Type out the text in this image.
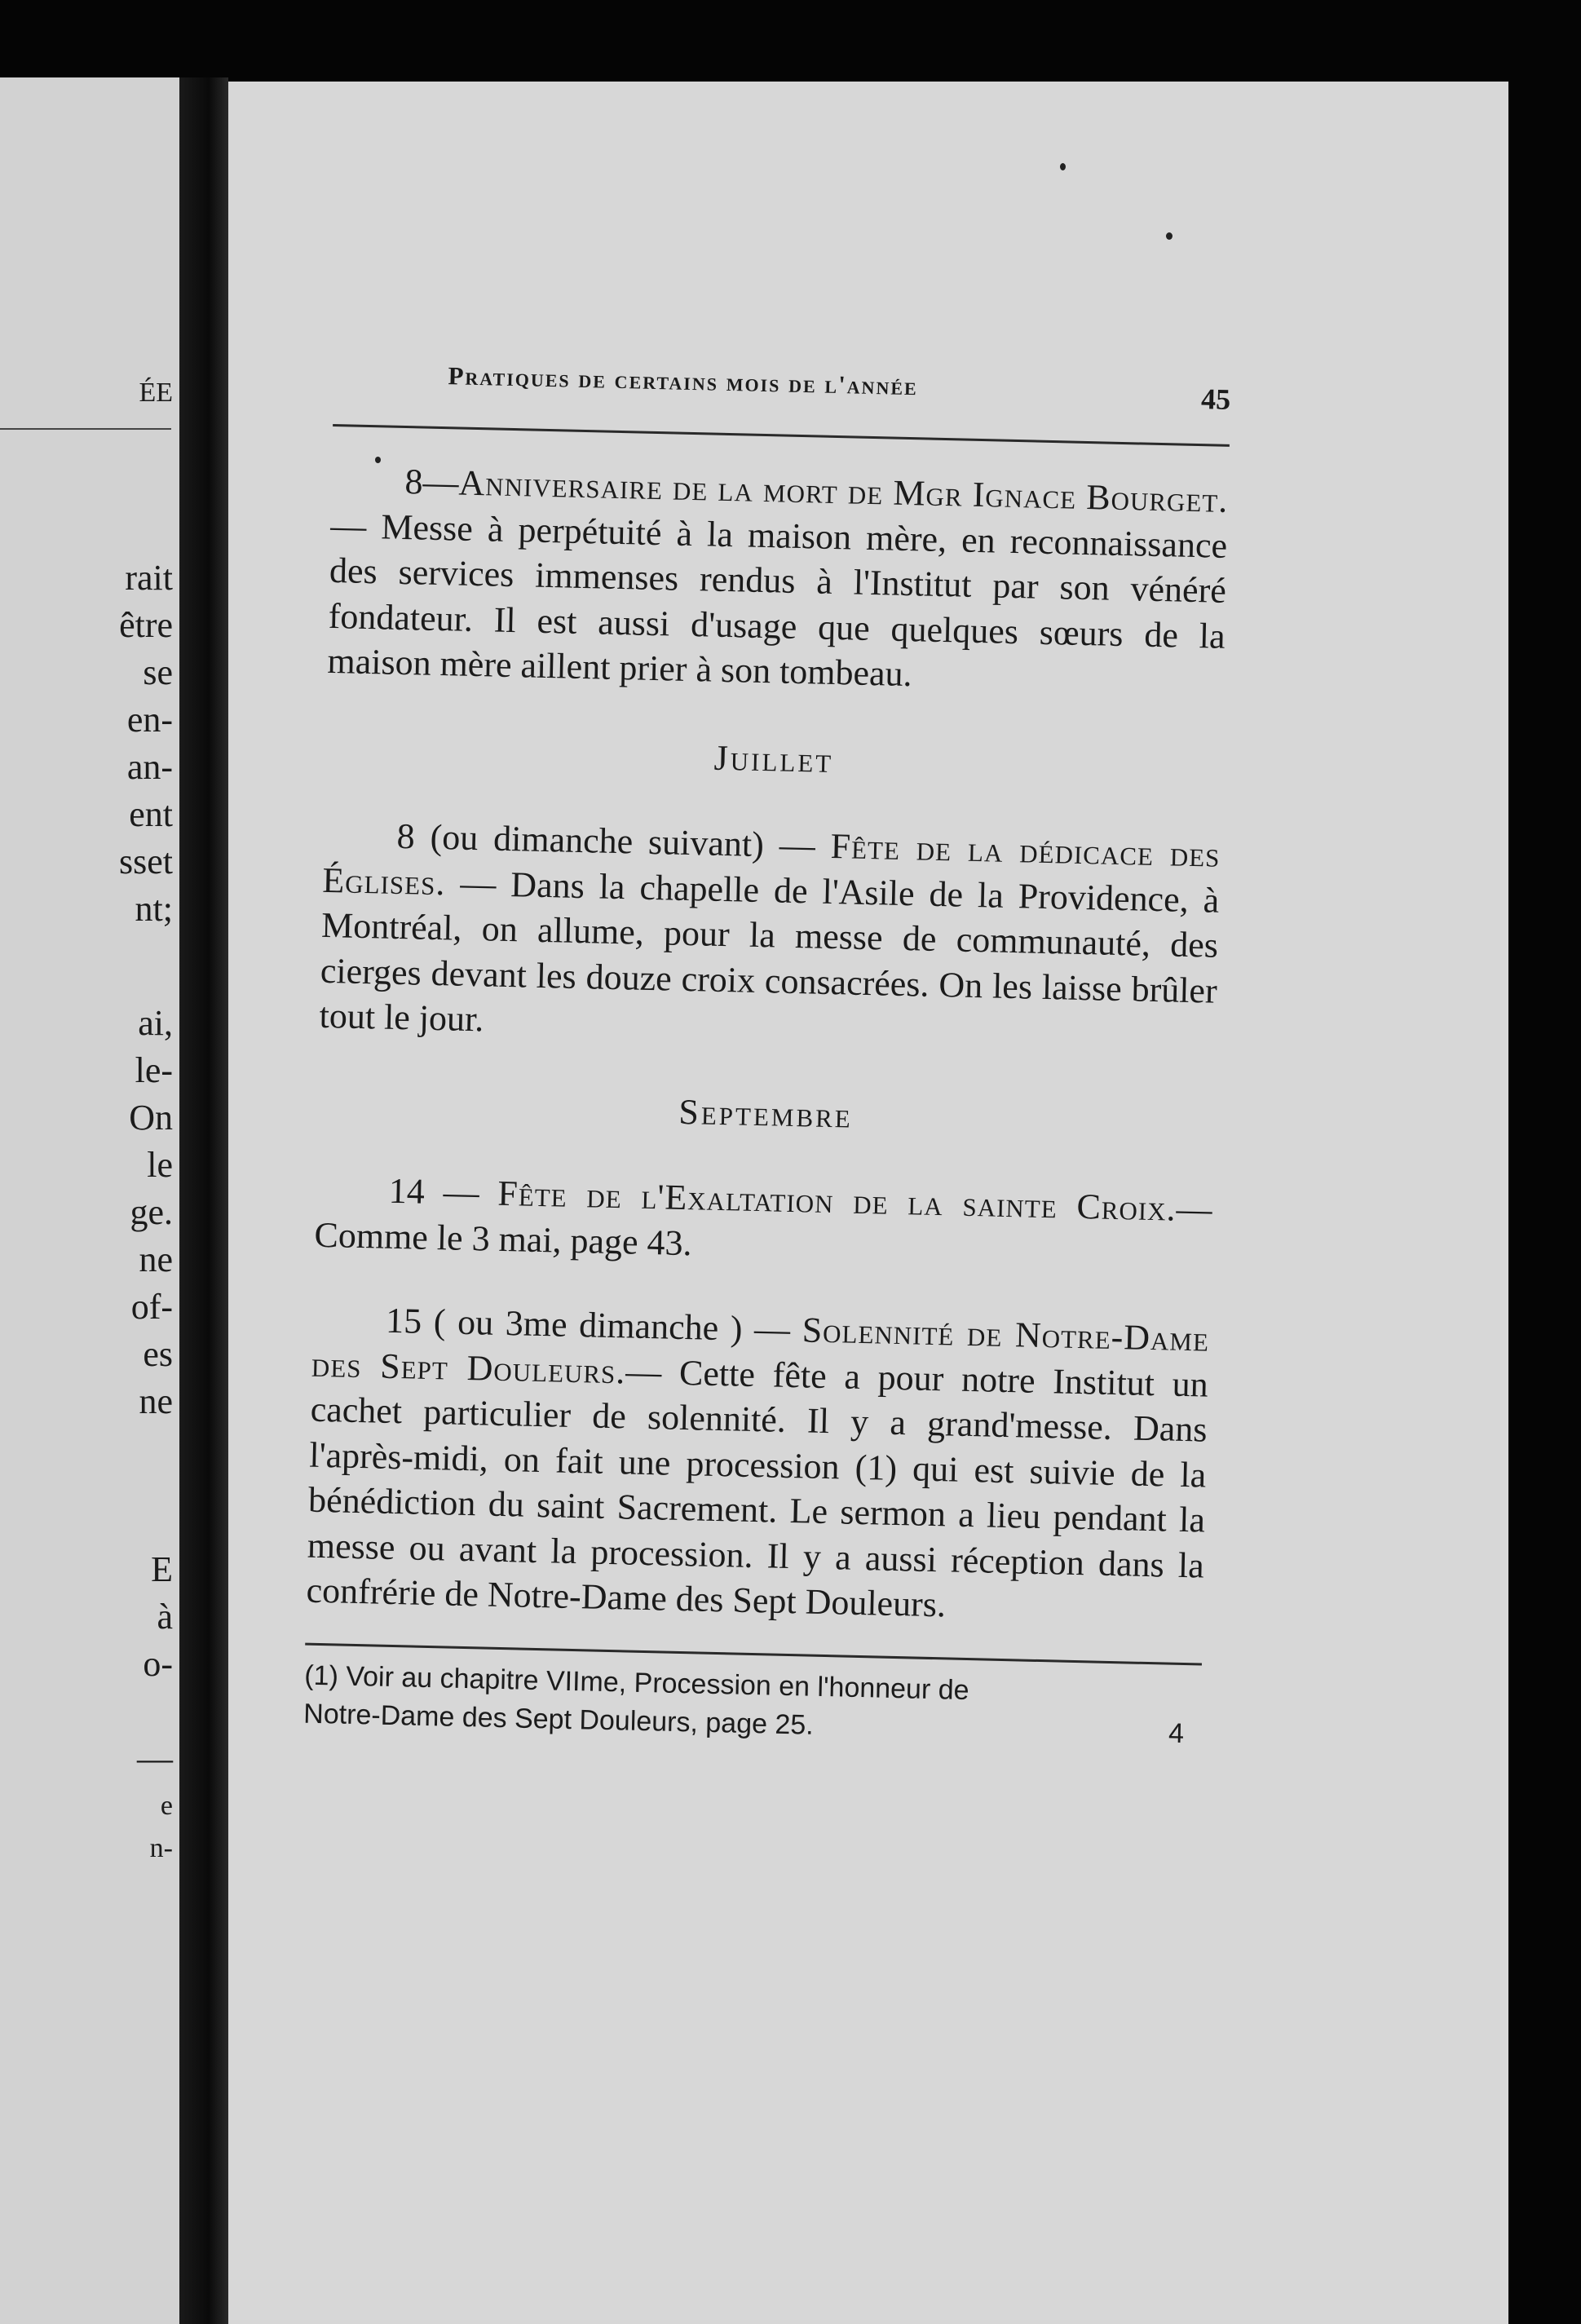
ÉE
rait
être
se
en-
an-
ent
sset
nt;
ai,
le-
On
le
ge.
ne
of-
es
ne
E
à
o-
—
e
n-
Pratiques de certains mois de l'année	45

8—Anniversaire de la mort de Mgr Ignace Bourget. — Messe à perpétuité à la maison mère, en reconnaissance des services immenses rendus à l'Institut par son vénéré fondateur. Il est aussi d'usage que quelques sœurs de la maison mère aillent prier à son tombeau.

Juillet

8 (ou dimanche suivant) — Fête de la dédicace des Églises. — Dans la chapelle de l'Asile de la Providence, à Montréal, on allume, pour la messe de communauté, des cierges devant les douze croix consacrées. On les laisse brûler tout le jour.

Septembre

14 — Fête de l'Exaltation de la sainte Croix.— Comme le 3 mai, page 43.

15 ( ou 3me dimanche ) — Solennité de Notre-Dame des Sept Douleurs.— Cette fête a pour notre Institut un cachet particulier de solennité. Il y a grand'messe. Dans l'après-midi, on fait une procession (1) qui est suivie de la bénédiction du saint Sacrement. Le sermon a lieu pendant la messe ou avant la procession. Il y a aussi réception dans la confrérie de Notre-Dame des Sept Douleurs.

(1) Voir au chapitre VIIme, Procession en l'honneur de
Notre-Dame des Sept Douleurs, page 25.	4
